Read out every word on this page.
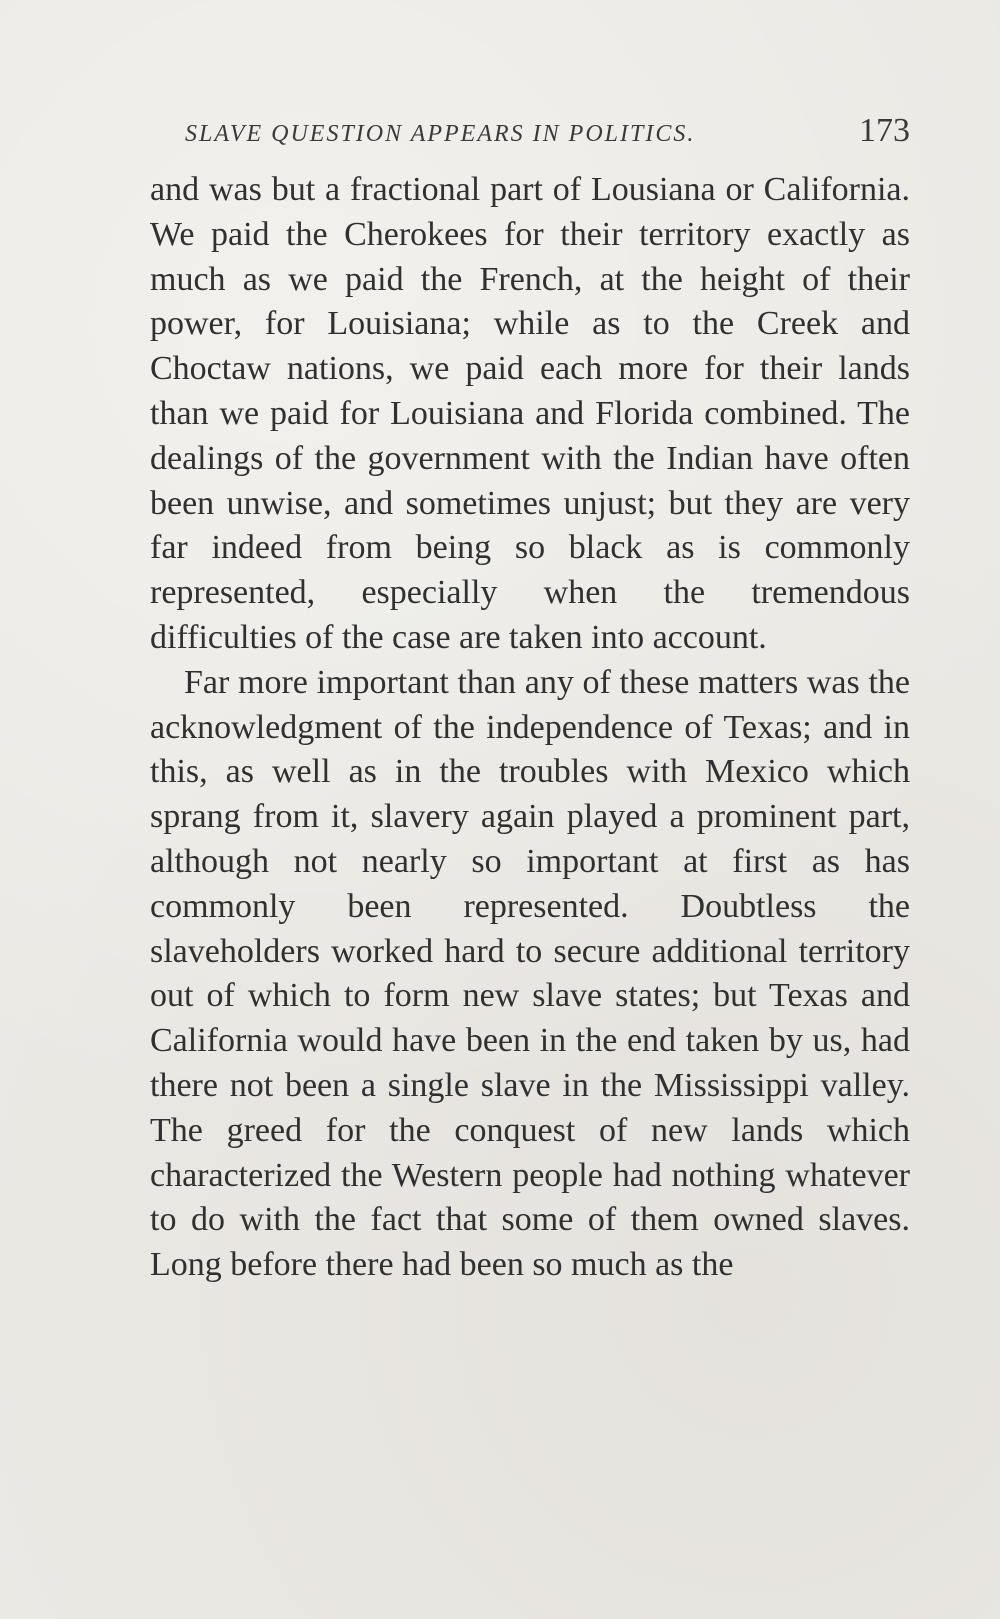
SLAVE QUESTION APPEARS IN POLITICS.	173

and was but a fractional part of Lousiana or California. We paid the Cherokees for their territory exactly as much as we paid the French, at the height of their power, for Louisiana; while as to the Creek and Choctaw nations, we paid each more for their lands than we paid for Louisiana and Florida combined. The dealings of the government with the Indian have often been unwise, and sometimes unjust; but they are very far indeed from being so black as is commonly represented, especially when the tremendous difficulties of the case are taken into account.

Far more important than any of these matters was the acknowledgment of the independence of Texas; and in this, as well as in the troubles with Mexico which sprang from it, slavery again played a prominent part, although not nearly so important at first as has commonly been represented. Doubtless the slaveholders worked hard to secure additional territory out of which to form new slave states; but Texas and California would have been in the end taken by us, had there not been a single slave in the Mississippi valley. The greed for the conquest of new lands which characterized the Western people had nothing whatever to do with the fact that some of them owned slaves. Long before there had been so much as the
